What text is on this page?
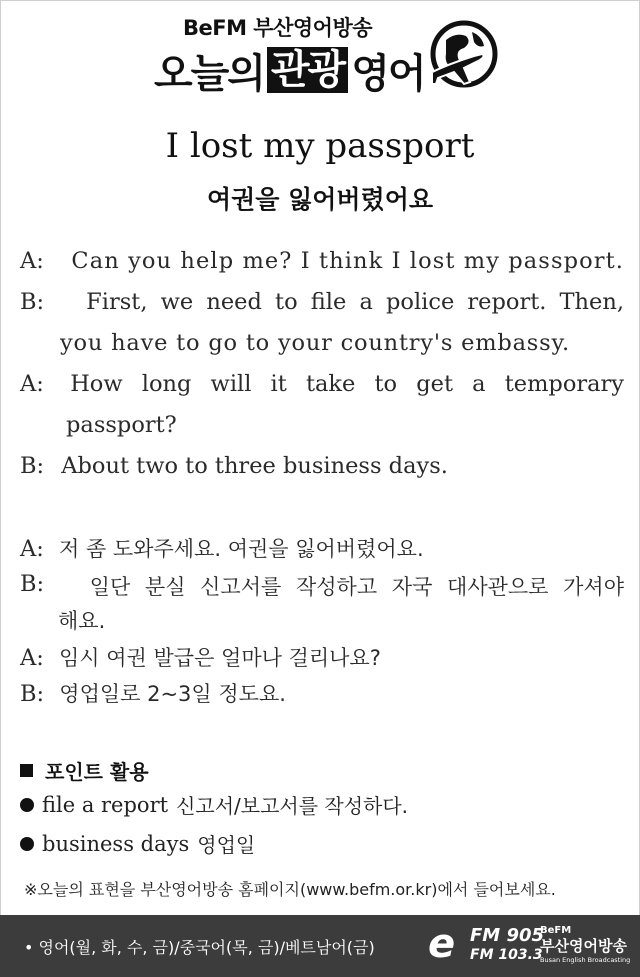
BeFM 부산영어방송
오늘의 관광 영어
I lost my passport
여권을 잃어버렸어요
A: Can you help me? I think I lost my passport.
B: First, we need to file a police report. Then,
you have to go to your country's embassy.
A: How long will it take to get a temporary
passport?
B: About two to three business days.
A: 저 좀 도와주세요. 여권을 잃어버렸어요.
B: 일단 분실 신고서를 작성하고 자국 대사관으로 가셔야
해요.
A: 임시 여권 발급은 얼마나 걸리나요?
B: 영업일로 2~3일 정도요.
포인트 활용
file a report 신고서/보고서를 작성하다.
business days 영업일
※오늘의 표현을 부산영어방송 홈페이지(www.befm.or.kr)에서 들어보세요.
• 영어(월, 화, 수, 금)/중국어(목, 금)/베트남어(금) e FM 905
FM 103.3
BeFM
부산영어방송
Busan English Broadcasting
